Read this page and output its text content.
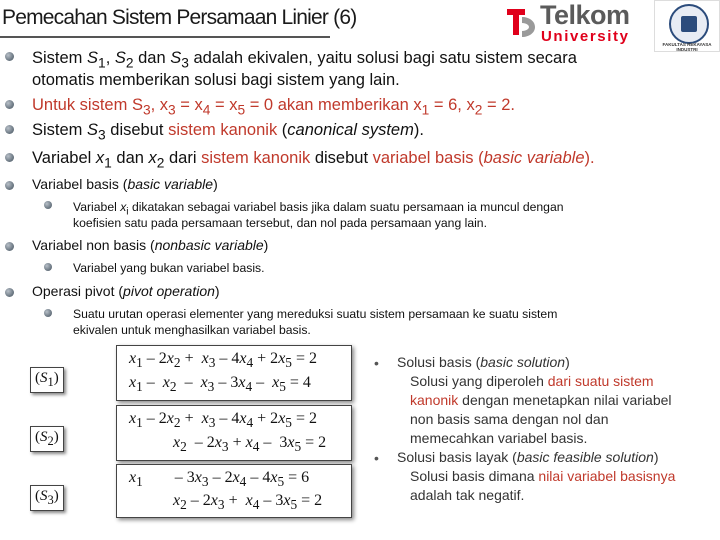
Pemecahan Sistem Persamaan Linier (6)	Telkom
University	FAKULTAS REKAYASA INDUSTRI
Sistem $S_1$, $S_2$ dan $S_3$ adalah ekivalen, yaitu solusi bagi satu sistem secara
otomatis memberikan solusi bagi sistem yang lain.
Untuk sistem $S_3$, $x_3 = x_4 = x_5 = 0$ akan memberikan $x_1 = 6$, $x_2 = 2$.
Sistem $S_3$ disebut sistem kanonik (canonical system).
Variabel $x_1$ dan $x_2$ dari sistem kanonik disebut variabel basis (basic variable).
Variabel basis (basic variable)
Variabel $x_i$ dikatakan sebagai variabel basis jika dalam suatu persamaan ia muncul dengan
koefisien satu pada persamaan tersebut, dan nol pada persamaan yang lain.
Variabel non basis (nonbasic variable)
Variabel yang bukan variabel basis.
Operasi pivot (pivot operation)
Suatu urutan operasi elementer yang mereduksi suatu sistem persamaan ke suatu sistem
ekivalen untuk menghasilkan variabel basis.
$(S_1)$
$x_1 - 2x_2 + x_3 - 4x_4 + 2x_5 = 2$
$x_1 - x_2 - x_3 - 3x_4 - x_5 = 4$
$(S_2)$
$x_1 - 2x_2 + x_3 - 4x_4 + 2x_5 = 2$
$x_2 - 2x_3 + x_4 - 3x_5 = 2$
$(S_3)$
$x_1$        – $3x_3 - 2x_4 - 4x_5 = 6$
$x_2 - 2x_3 + x_4 - 3x_5 = 2$
• Solusi basis (basic solution)
Solusi yang diperoleh dari suatu sistem
kanonik dengan menetapkan nilai variabel
non basis sama dengan nol dan
memecahkan variabel basis.
• Solusi basis layak (basic feasible solution)
Solusi basis dimana nilai variabel basisnya
adalah tak negatif.
